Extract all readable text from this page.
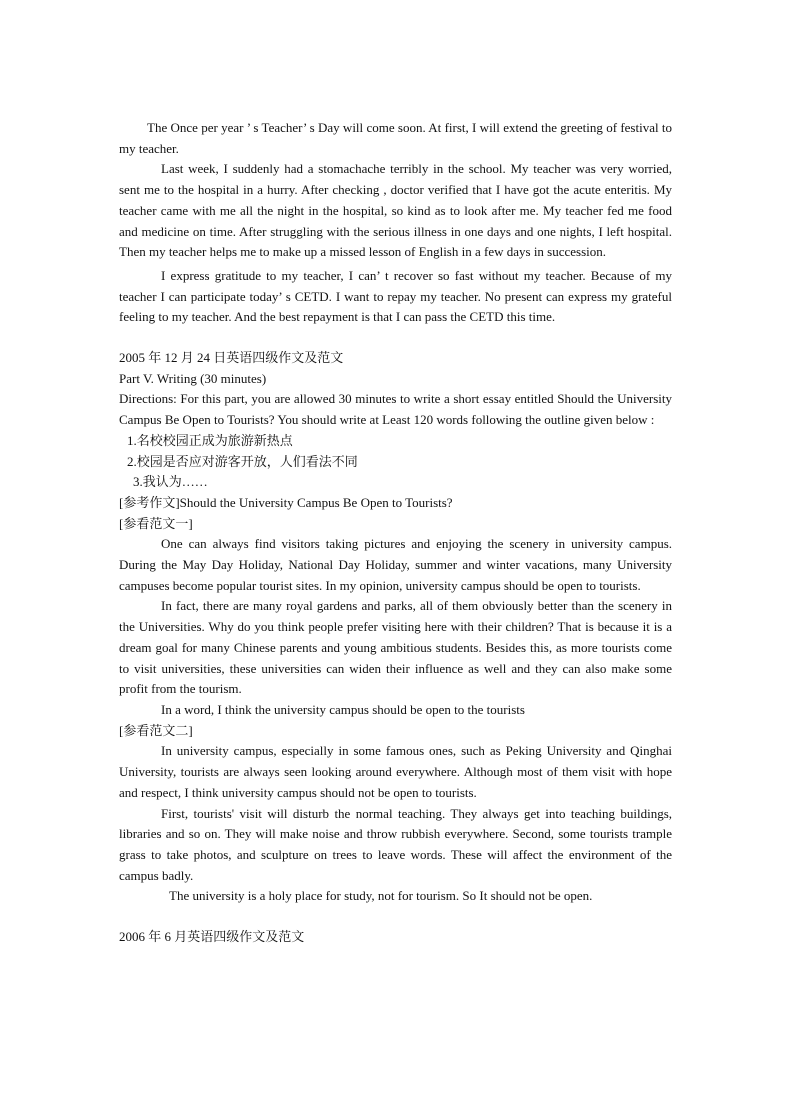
The Once per year ’ s Teacher’ s Day will come soon. At first, I will extend the greeting of festival to my teacher.

Last week, I suddenly had a stomachache terribly in the school. My teacher was very worried, sent me to the hospital in a hurry. After checking , doctor verified that I have got the acute enteritis. My teacher came with me all the night in the hospital, so kind as to look after me. My teacher fed me food and medicine on time. After struggling with the serious illness in one days and one nights, I left hospital. Then my teacher helps me to make up a missed lesson of English in a few days in succession.

I express gratitude to my teacher, I can’ t recover so fast without my teacher. Because of my teacher I can participate today’ s CETD. I want to repay my teacher. No present can express my grateful feeling to my teacher. And the best repayment is that I can pass the CETD this time.

2005 年 12 月 24 日英语四级作文及范文

Part V. Writing (30 minutes)

Directions: For this part, you are allowed 30 minutes to write a short essay entitled Should the University Campus Be Open to Tourists? You should write at Least 120 words following the outline given below :

1.名校校园正成为旅游新热点

2.校园是否应对游客开放，人们看法不同

3.我认为……

[参考作文]Should the University Campus Be Open to Tourists?

[参看范文一]

One can always find visitors taking pictures and enjoying the scenery in university campus. During the May Day Holiday, National Day Holiday, summer and winter vacations, many University campuses become popular tourist sites. In my opinion, university campus should be open to tourists.

In fact, there are many royal gardens and parks, all of them obviously better than the scenery in the Universities. Why do you think people prefer visiting here with their children? That is because it is a dream goal for many Chinese parents and young ambitious students. Besides this, as more tourists come to visit universities, these universities can widen their influence as well and they can also make some profit from the tourism.

In a word, I think the university campus should be open to the tourists

[参看范文二]

In university campus, especially in some famous ones, such as Peking University and Qinghai University, tourists are always seen looking around everywhere. Although most of them visit with hope and respect, I think university campus should not be open to tourists.

First, tourists' visit will disturb the normal teaching. They always get into teaching buildings, libraries and so on. They will make noise and throw rubbish everywhere. Second, some tourists trample grass to take photos, and sculpture on trees to leave words. These will affect the environment of the campus badly.

The university is a holy place for study, not for tourism. So It should not be open.

2006 年 6 月英语四级作文及范文
